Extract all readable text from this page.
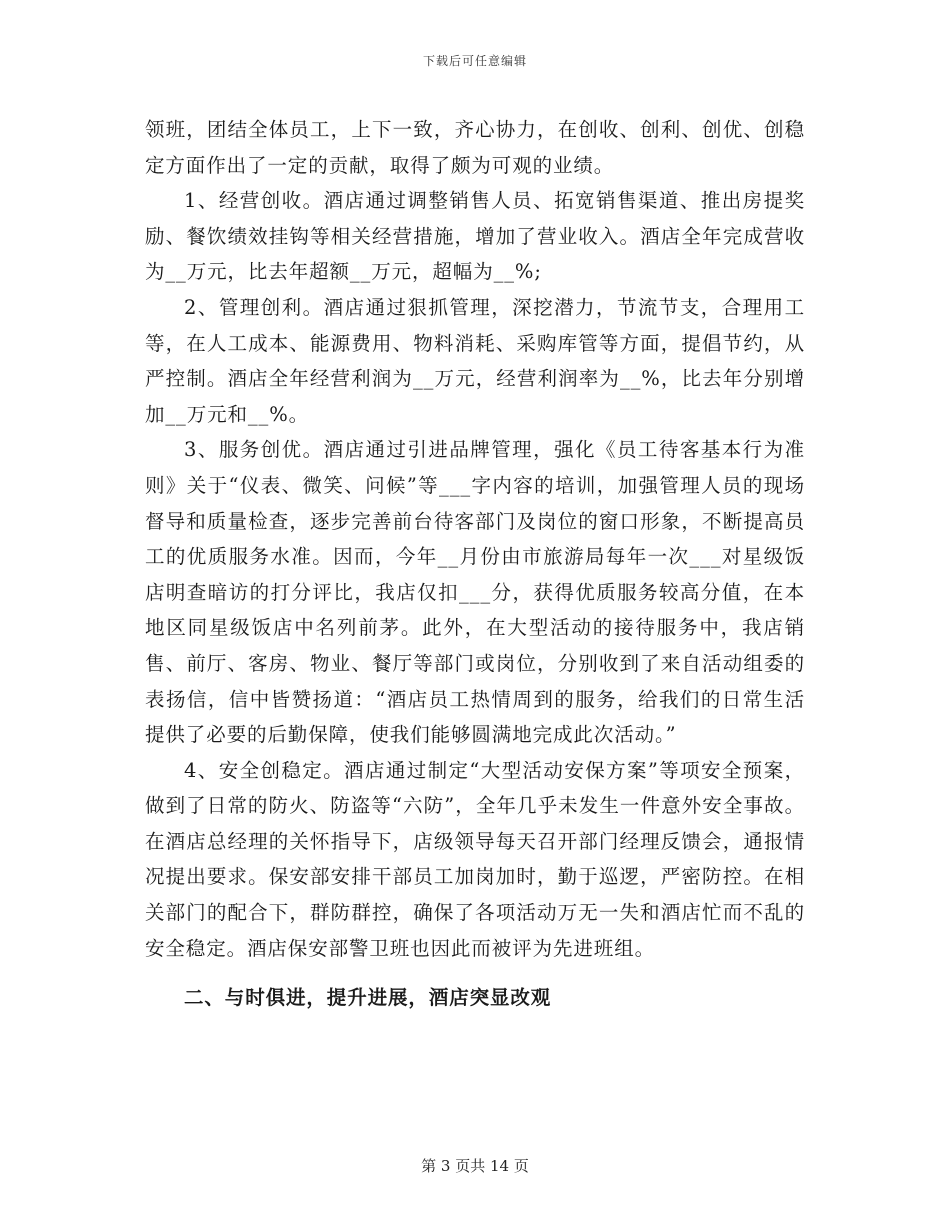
下载后可任意编辑

领班，团结全体员工，上下一致，齐心协力，在创收、创利、创优、创稳定方面作出了一定的贡献，取得了颇为可观的业绩。

1、经营创收。酒店通过调整销售人员、拓宽销售渠道、推出房提奖励、餐饮绩效挂钩等相关经营措施，增加了营业收入。酒店全年完成营收为__万元，比去年超额__万元，超幅为__%;

2、管理创利。酒店通过狠抓管理，深挖潜力，节流节支，合理用工等，在人工成本、能源费用、物料消耗、采购库管等方面，提倡节约，从严控制。酒店全年经营利润为__万元，经营利润率为__%，比去年分别增加__万元和__%。

3、服务创优。酒店通过引进品牌管理，强化《员工待客基本行为准则》关于“仪表、微笑、问候”等___字内容的培训，加强管理人员的现场督导和质量检查，逐步完善前台待客部门及岗位的窗口形象，不断提高员工的优质服务水准。因而，今年__月份由市旅游局每年一次___对星级饭店明查暗访的打分评比，我店仅扣___分，获得优质服务较高分值，在本地区同星级饭店中名列前茅。此外，在大型活动的接待服务中，我店销售、前厅、客房、物业、餐厅等部门或岗位，分别收到了来自活动组委的表扬信，信中皆赞扬道：“酒店员工热情周到的服务，给我们的日常生活提供了必要的后勤保障，使我们能够圆满地完成此次活动。”

4、安全创稳定。酒店通过制定“大型活动安保方案”等项安全预案，做到了日常的防火、防盗等“六防”，全年几乎未发生一件意外安全事故。在酒店总经理的关怀指导下，店级领导每天召开部门经理反馈会，通报情况提出要求。保安部安排干部员工加岗加时，勤于巡逻，严密防控。在相关部门的配合下，群防群控，确保了各项活动万无一失和酒店忙而不乱的安全稳定。酒店保安部警卫班也因此而被评为先进班组。

二、与时俱进，提升进展，酒店突显改观
第 3 页共 14 页
